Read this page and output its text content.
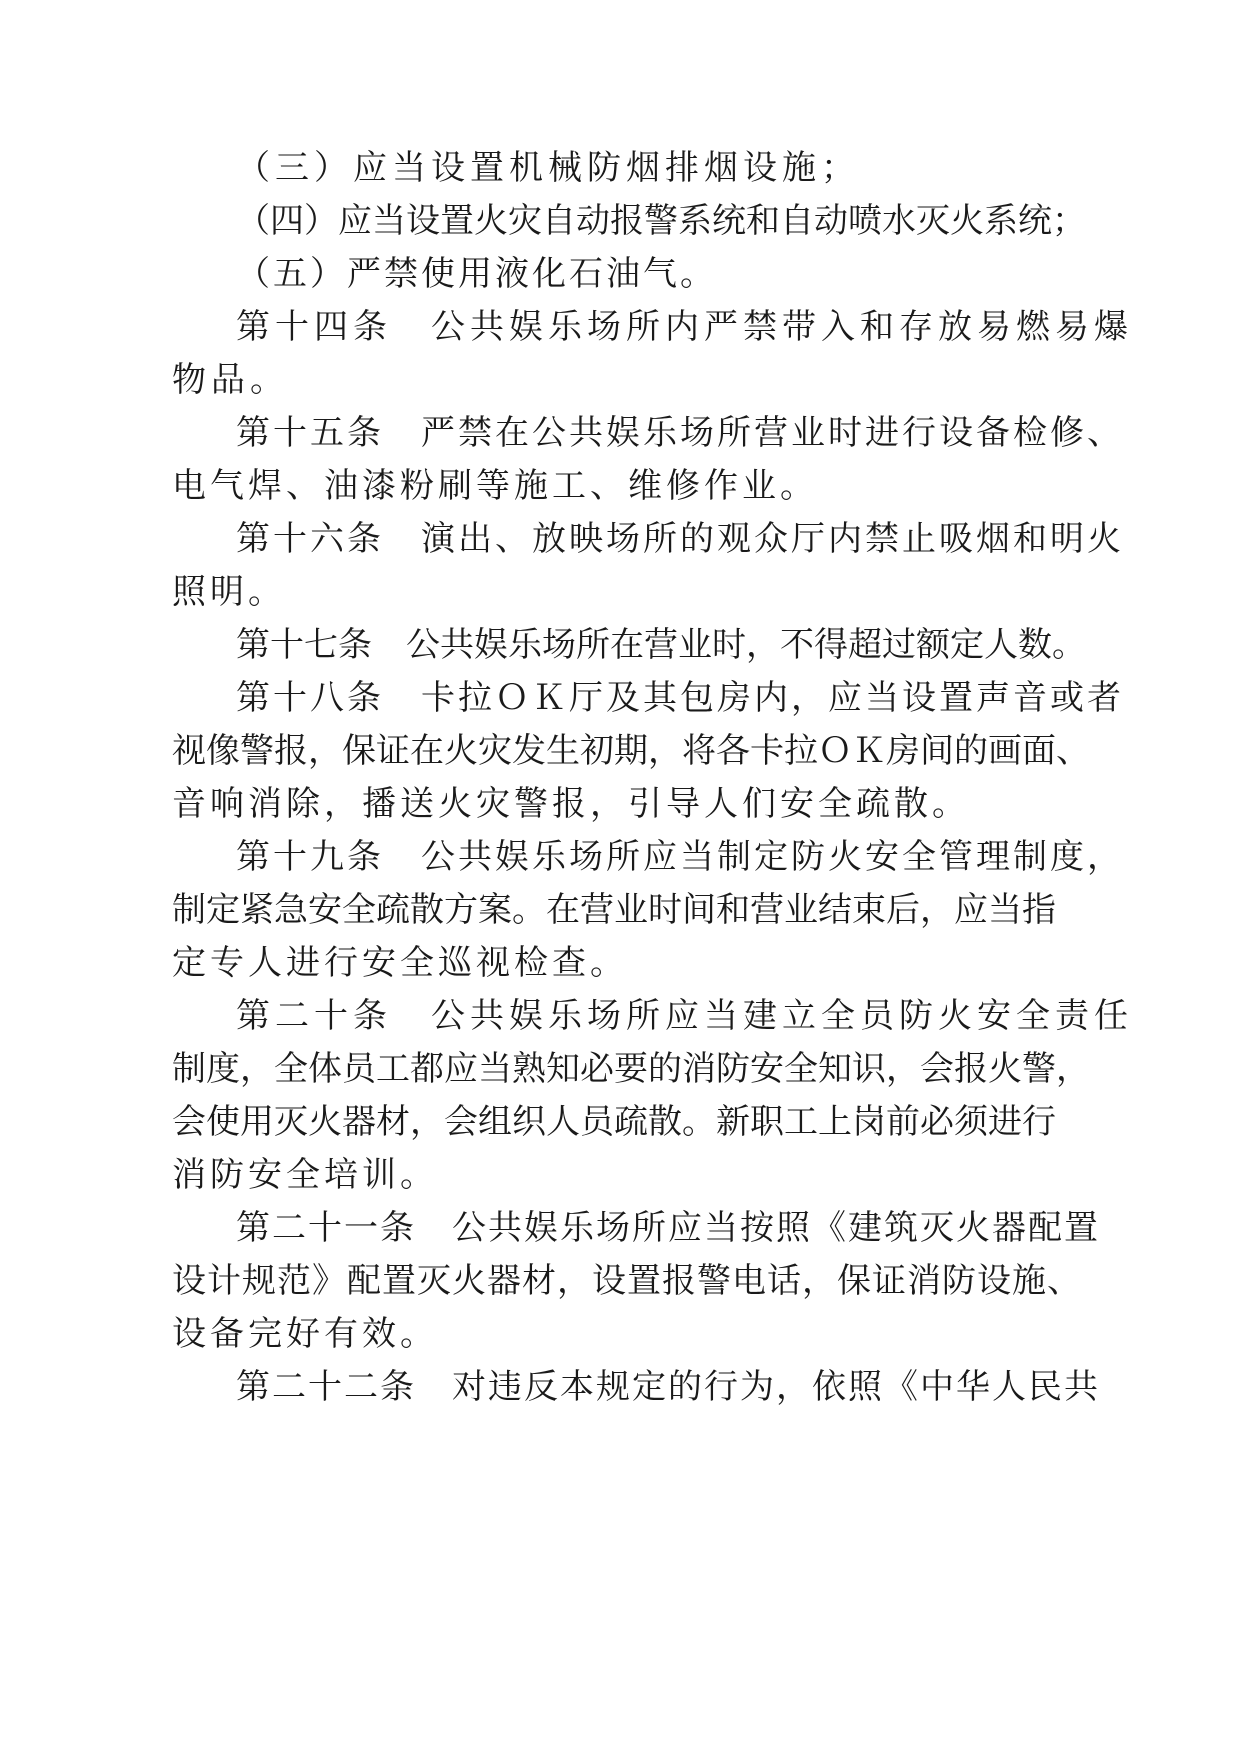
（三）应当设置机械防烟排烟设施；
（四）应当设置火灾自动报警系统和自动喷水灭火系统；
（五）严禁使用液化石油气。
第十四条　公共娱乐场所内严禁带入和存放易燃易爆
物品。
第十五条　严禁在公共娱乐场所营业时进行设备检修、
电气焊、油漆粉刷等施工、维修作业。
第十六条　演出、放映场所的观众厅内禁止吸烟和明火
照明。
第十七条　公共娱乐场所在营业时，不得超过额定人数。
第十八条　卡拉ＯＫ厅及其包房内，应当设置声音或者
视像警报，保证在火灾发生初期，将各卡拉ＯＫ房间的画面、
音响消除，播送火灾警报，引导人们安全疏散。
第十九条　公共娱乐场所应当制定防火安全管理制度，
制定紧急安全疏散方案。在营业时间和营业结束后，应当指
定专人进行安全巡视检查。
第二十条　公共娱乐场所应当建立全员防火安全责任
制度，全体员工都应当熟知必要的消防安全知识，会报火警，
会使用灭火器材，会组织人员疏散。新职工上岗前必须进行
消防安全培训。
第二十一条　公共娱乐场所应当按照《建筑灭火器配置
设计规范》配置灭火器材，设置报警电话，保证消防设施、
设备完好有效。
第二十二条　对违反本规定的行为，依照《中华人民共
